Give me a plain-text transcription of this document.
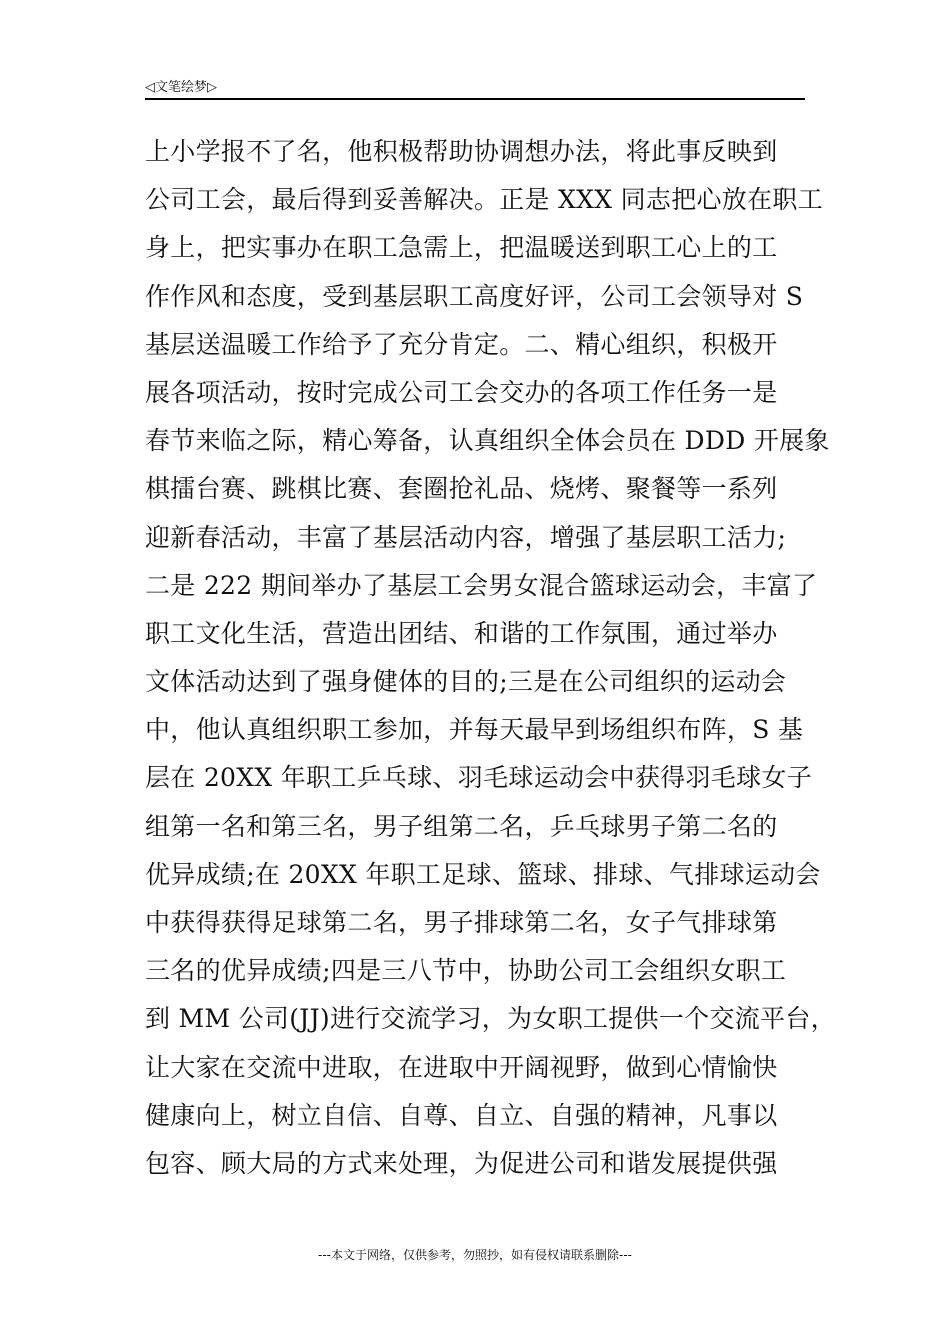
◁文笔绘梦▷
上小学报不了名，他积极帮助协调想办法，将此事反映到
公司工会，最后得到妥善解决。正是 XXX 同志把心放在职工
身上，把实事办在职工急需上，把温暖送到职工心上的工
作作风和态度，受到基层职工高度好评，公司工会领导对 S
基层送温暖工作给予了充分肯定。二、精心组织，积极开
展各项活动，按时完成公司工会交办的各项工作任务一是
春节来临之际，精心筹备，认真组织全体会员在 DDD 开展象
棋擂台赛、跳棋比赛、套圈抢礼品、烧烤、聚餐等一系列
迎新春活动，丰富了基层活动内容，增强了基层职工活力;
二是 222 期间举办了基层工会男女混合篮球运动会，丰富了
职工文化生活，营造出团结、和谐的工作氛围，通过举办
文体活动达到了强身健体的目的;三是在公司组织的运动会
中，他认真组织职工参加，并每天最早到场组织布阵，S 基
层在 20XX 年职工乒乓球、羽毛球运动会中获得羽毛球女子
组第一名和第三名，男子组第二名，乒乓球男子第二名的
优异成绩;在 20XX 年职工足球、篮球、排球、气排球运动会
中获得获得足球第二名，男子排球第二名，女子气排球第
三名的优异成绩;四是三八节中，协助公司工会组织女职工
到 MM 公司(JJ)进行交流学习，为女职工提供一个交流平台，
让大家在交流中进取，在进取中开阔视野，做到心情愉快
健康向上，树立自信、自尊、自立、自强的精神，凡事以
包容、顾大局的方式来处理，为促进公司和谐发展提供强
---本文于网络，仅供参考，勿照抄，如有侵权请联系删除---
